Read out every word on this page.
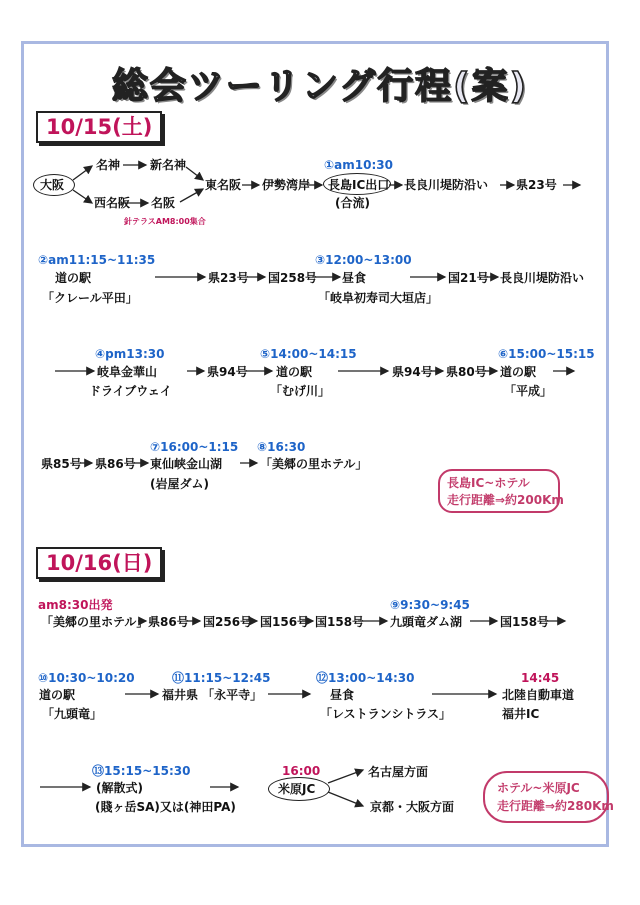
総会ツーリング行程(案)
10/15(土)
大阪
名神 新名神
西名阪 名阪
針テラスAM8:00集合
東名阪 伊勢湾岸
①am10:30
長島IC出口
(合流)
長良川堤防沿い 県23号
②am11:15~11:35
道の駅
「クレール平田」
県23号 国258号
③12:00~13:00
昼食
「岐阜初寿司大垣店」
国21号 長良川堤防沿い
④pm13:30
岐阜金華山
ドライブウェイ
県94号
⑤14:00~14:15
道の駅
「むげ川」
県94号 県80号
⑥15:00~15:15
道の駅
「平成」
県85号 県86号
⑦16:00~1:15
東仙峡金山湖
(岩屋ダム)
⑧16:30
「美郷の里ホテル」
長島IC~ホテル
走行距離⇒約200Km
10/16(日)
am8:30出発
「美郷の里ホテル」 県86号 国256号 国156号 国158号
⑨9:30~9:45
九頭竜ダム湖	国158号
⑩10:30~10:20
道の駅
「九頭竜」
⑪11:15~12:45
福井県 「永平寺」
⑫13:00~14:30
昼食
「レストランシトラス」
14:45
北陸自動車道
福井IC
⑬15:15~15:30
(解散式)
(賤ヶ岳SA)又は(神田PA)
16:00
米原JC
名古屋方面
京都・大阪方面
ホテル~米原JC
走行距離⇒約280Km
